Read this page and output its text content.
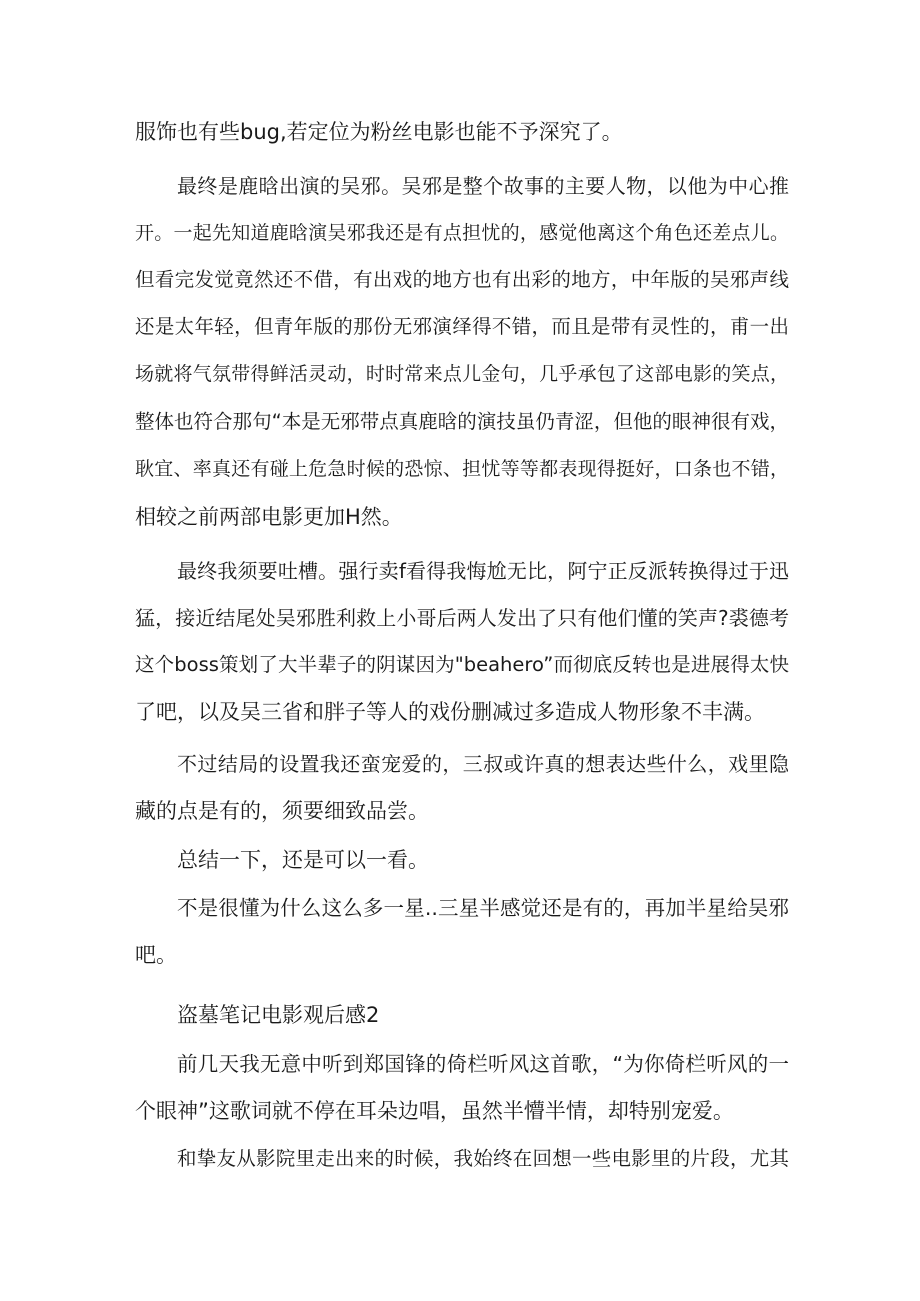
服饰也有些bug,若定位为粉丝电影也能不予深究了。

最终是鹿晗出演的吴邪。吴邪是整个故事的主要人物，以他为中心推

开。一起先知道鹿晗演吴邪我还是有点担忧的，感觉他离这个角色还差点儿。

但看完发觉竟然还不借，有出戏的地方也有出彩的地方，中年版的吴邪声线

还是太年轻，但青年版的那份无邪演绎得不错，而且是带有灵性的，甫一出

场就将气氛带得鲜活灵动，时时常来点儿金句，几乎承包了这部电影的笑点，

整体也符合那句“本是无邪带点真鹿晗的演技虽仍青涩，但他的眼神很有戏，

耿宜、率真还有碰上危急时候的恐惊、担忧等等都表现得挺好，口条也不错，

相较之前两部电影更加H然。

最终我须要吐槽。强行卖f看得我悔尬无比，阿宁正反派转换得过于迅

猛，接近结尾处吴邪胜利救上小哥后两人发出了只有他们懂的笑声?裘德考

这个boss策划了大半辈子的阴谋因为"beahero”而彻底反转也是进展得太快

了吧，以及吴三省和胖子等人的戏份删减过多造成人物形象不丰满。

不过结局的设置我还蛮宠爱的，三叔或许真的想表达些什么，戏里隐

藏的点是有的，须要细致品尝。

总结一下，还是可以一看。

不是很懂为什么这么多一星..三星半感觉还是有的，再加半星给吴邪

吧。

盗墓笔记电影观后感2

前几天我无意中听到郑国锋的倚栏听风这首歌，“为你倚栏听风的一

个眼神”这歌词就不停在耳朵边唱，虽然半懵半情，却特别宠爱。

和挚友从影院里走出来的时候，我始终在回想一些电影里的片段，尤其
